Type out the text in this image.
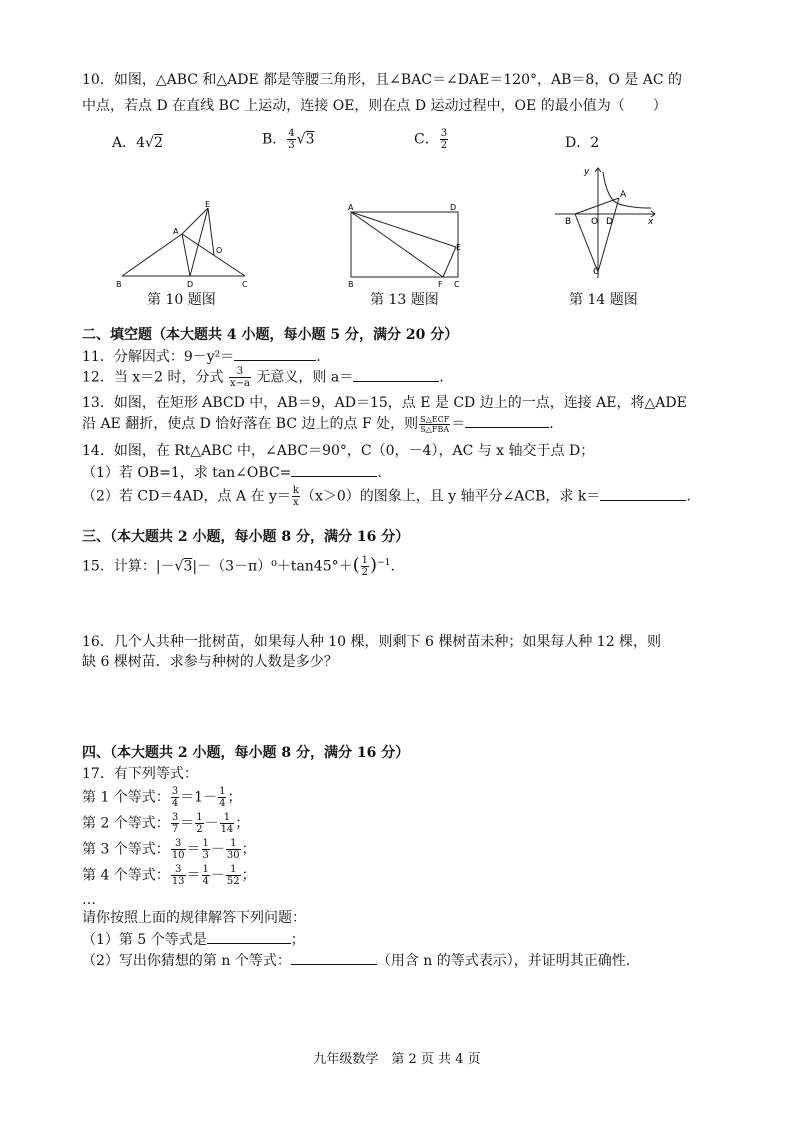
10．如图，△ABC 和△ADE 都是等腰三角形，且∠BAC＝∠DAE＝120°，AB＝8，O 是 AC 的
中点，若点 D 在直线 BC 上运动，连接 OE，则在点 D 运动过程中，OE 的最小值为（　　）
A．4√2	B． $\frac{4}{3} √3$	C． $\frac{3}{2}$	D．2
E
A
O
B	D	C
第 10 题图
A	D
E
B	F C
第 13 题图
y
A
B O D	x
C
第 14 题图
二、填空题（本大题共 4 小题，每小题 5 分，满分 20 分）
11．分解因式：9－y²＝	.
12．当 x＝2 时，分式 $\frac{3}{x-a}$ 无意义，则 a＝	.
13．如图，在矩形 ABCD 中，AB＝9，AD＝15，点 E 是 CD 边上的一点，连接 AE，将△ADE
沿 AE 翻折，使点 D 恰好落在 BC 边上的点 F 处，则 $\frac{\text{S△ECF}}{\text{S△FBA}}$ ＝	.
14．如图，在 Rt△ABC 中，∠ABC＝90°，C（0，－4），AC 与 x 轴交于点 D；
（1）若 OB=1，求 tan∠OBC=	.
（2）若 CD＝4AD，点 A 在 $y= \frac{k}{x} (x>0)$的图象上，且 y 轴平分∠ACB，求 k＝	.
三、（本大题共 2 小题，每小题 8 分，满分 16 分）
15．计算：$|-√3|-(3-\pi)^0+\tan 45^\circ+( \frac{1}{2} )^{-1}$.
16．几个人共种一批树苗，如果每人种 10 棵，则剩下 6 棵树苗未种；如果每人种 12 棵，则
缺 6 棵树苗．求参与种树的人数是多少？
四、（本大题共 2 小题，每小题 8 分，满分 16 分）
17．有下列等式：
第 1 个等式： $\frac{3}{4} =1- \frac{1}{4}$ ；
第 2 个等式： $\frac{3}{7} = \frac{1}{2} - \frac{1}{14}$ ；
第 3 个等式： $\frac{3}{10} = \frac{1}{3} - \frac{1}{30}$ ；
第 4 个等式： $\frac{3}{13} = \frac{1}{4} - \frac{1}{52}$ ；
…
请你按照上面的规律解答下列问题：
（1）第 5 个等式是	；
（2）写出你猜想的第 n 个等式：	（用含 n 的等式表示），并证明其正确性．
九年级数学　第 2 页 共 4 页
